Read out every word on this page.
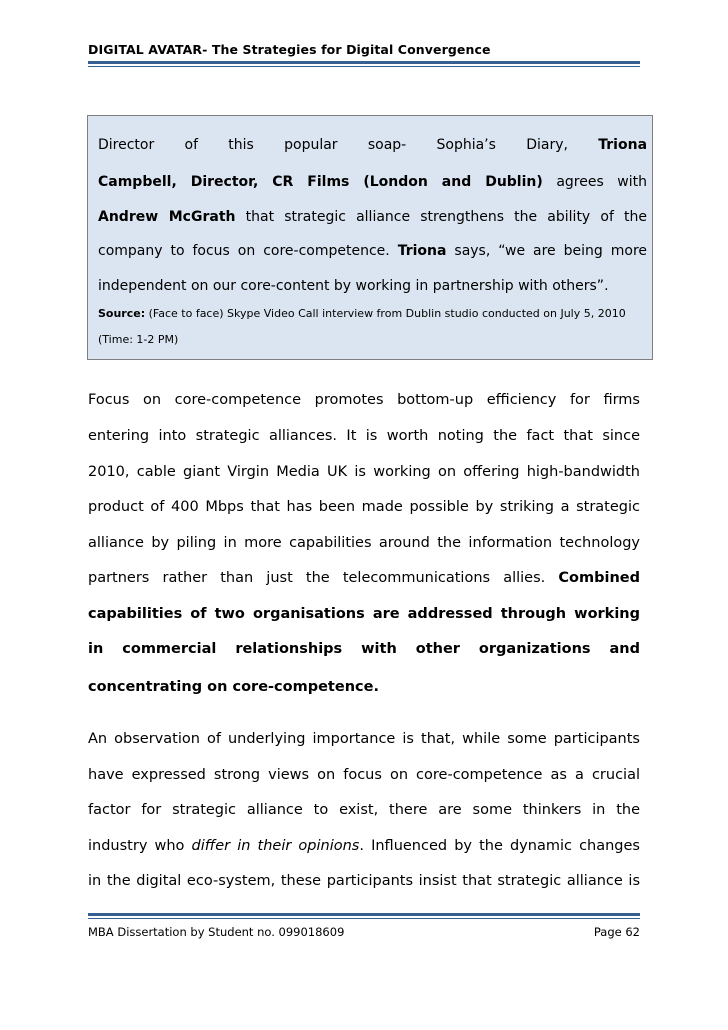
DIGITAL AVATAR- The Strategies for Digital Convergence
Director of this popular soap- Sophia’s Diary, Triona
Campbell, Director, CR Films (London and Dublin) agrees with
Andrew McGrath that strategic alliance strengthens the ability of the
company to focus on core-competence. Triona says, “we are being more
independent on our core-content by working in partnership with others”.
Source: (Face to face) Skype Video Call interview from Dublin studio conducted on July 5, 2010
(Time: 1-2 PM)
Focus on core-competence promotes bottom-up efficiency for firms
entering into strategic alliances. It is worth noting the fact that since
2010, cable giant Virgin Media UK is working on offering high-bandwidth
product of 400 Mbps that has been made possible by striking a strategic
alliance by piling in more capabilities around the information technology
partners rather than just the telecommunications allies. Combined
capabilities of two organisations are addressed through working
in commercial relationships with other organizations and
concentrating on core-competence.
An observation of underlying importance is that, while some participants
have expressed strong views on focus on core-competence as a crucial
factor for strategic alliance to exist, there are some thinkers in the
industry who differ in their opinions. Influenced by the dynamic changes
in the digital eco-system, these participants insist that strategic alliance is
MBA Dissertation by Student no. 099018609	Page 62
